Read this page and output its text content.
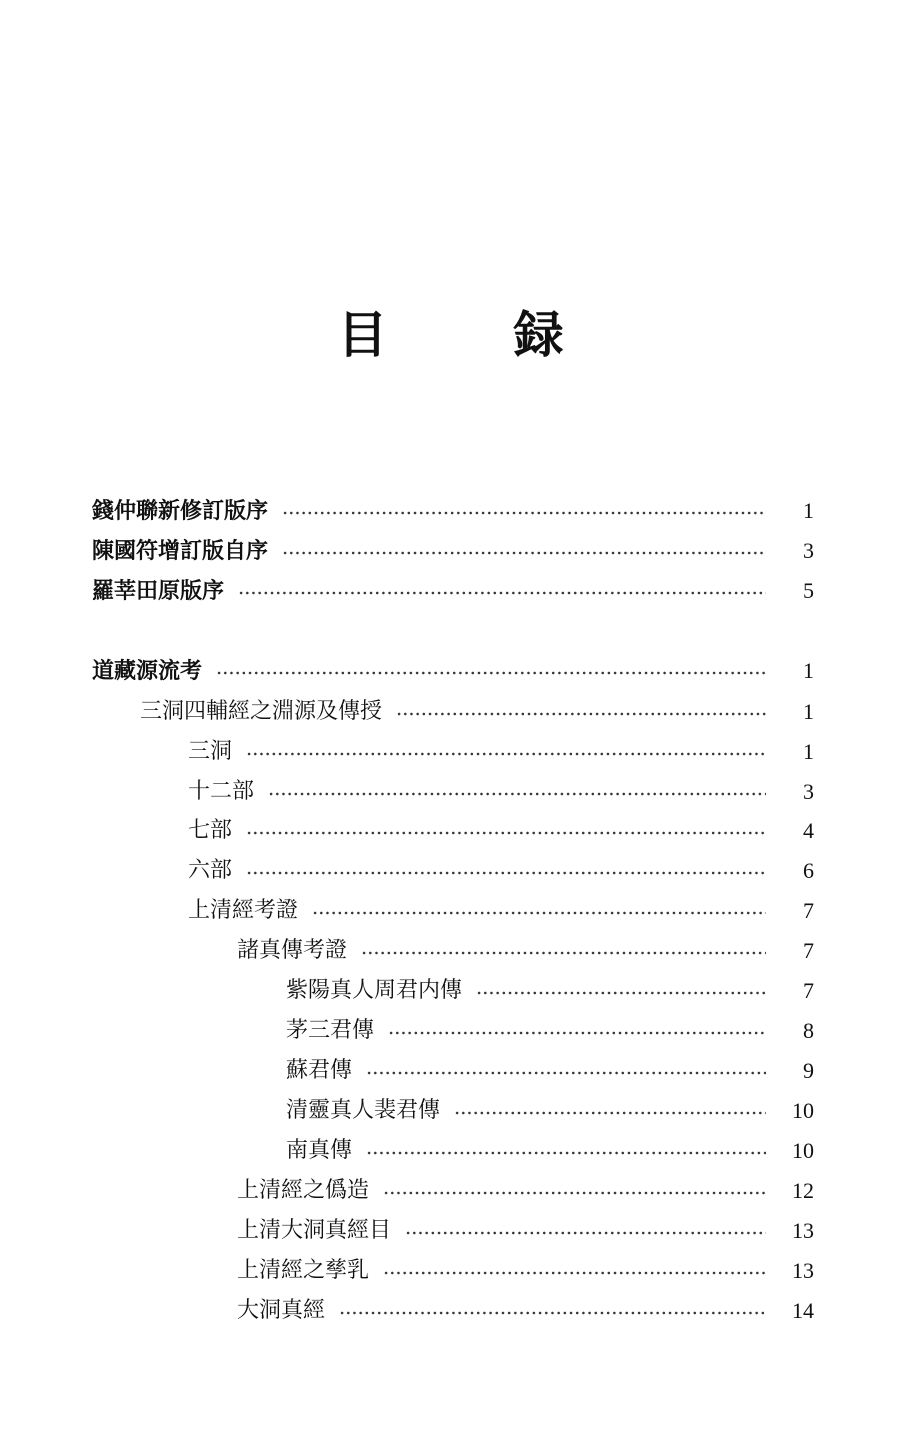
目　録
錢仲聯新修訂版序	1
陳國符增訂版自序	3
羅莘田原版序	5
道藏源流考	1
三洞四輔經之淵源及傳授	1
三洞	1
十二部	3
七部	4
六部	6
上清經考證	7
諸真傳考證	7
紫陽真人周君内傳	7
茅三君傳	8
蘇君傳	9
清靈真人裴君傳	10
南真傳	10
上清經之僞造	12
上清大洞真經目	13
上清經之孳乳	13
大洞真經	14
